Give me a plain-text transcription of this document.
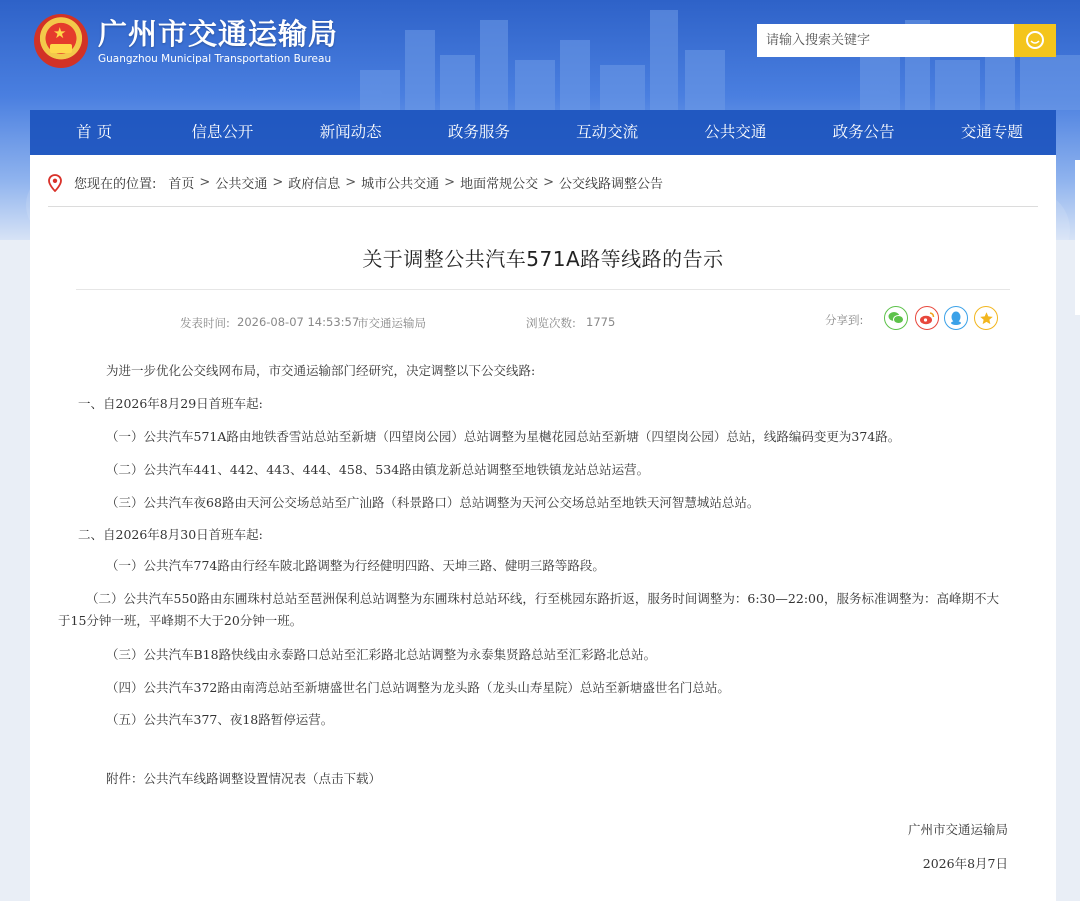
★ 广州市交通运输局
Guangzhou Municipal Transportation Bureau
请输入搜索关键字
首 页	信息公开	新闻动态	政务服务	互动交流	公共交通	政务公告	交通专题
您现在的位置: 首页 > 公共交通 > 政府信息 > 城市公共交通 > 地面常规公交 > 公交线路调整公告
关于调整公共汽车571A路等线路的告示
发表时间: 2026-08-07 14:53:57
市交通运输局	浏览次数: 1775	分享到:
为进一步优化公交线网布局，市交通运输部门经研究，决定调整以下公交线路:
一、自2026年8月29日首班车起:
（一）公共汽车571A路由地铁香雪站总站至新塘（四望岗公园）总站调整为星樾花园总站至新塘（四望岗公园）总站，线路编码变更为374路。
（二）公共汽车441、442、443、444、458、534路由镇龙新总站调整至地铁镇龙站总站运营。
（三）公共汽车夜68路由天河公交场总站至广汕路（科景路口）总站调整为天河公交场总站至地铁天河智慧城站总站。
二、自2026年8月30日首班车起:
（一）公共汽车774路由行经车陂北路调整为行经健明四路、天坤三路、健明三路等路段。
（二）公共汽车550路由东圃珠村总站至琶洲保利总站调整为东圃珠村总站环线，行至桃园东路折返，服务时间调整为：6:30—22:00，服务标准调整为：高峰期不大于15分钟一班，平峰期不大于20分钟一班。
（三）公共汽车B18路快线由永泰路口总站至汇彩路北总站调整为永泰集贤路总站至汇彩路北总站。
（四）公共汽车372路由南湾总站至新塘盛世名门总站调整为龙头路（龙头山寿星院）总站至新塘盛世名门总站。
（五）公共汽车377、夜18路暂停运营。
附件：公共汽车线路调整设置情况表（点击下载）
广州市交通运输局
2026年8月7日
